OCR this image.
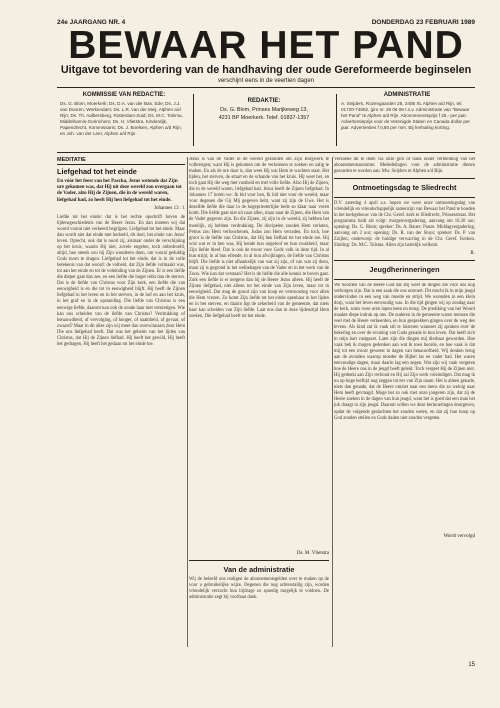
24e JAARGANG NR. 4	DONDERDAG 23 FEBRUARI 1989
BEWAAR HET PAND
Uitgave tot bevordering van de handhaving der oude Gereformeerde beginselen
verschijnt eens in de veertien dagen
KOMMISSIE VAN REDACTIE:
Ds. G. Blom, Moerkerk; Ds. D.A. van der Bas, Ede; Ds. J.J. van Dooren, Werkendam; Ds. L.R. van der Meij, Alphen a/d Rijn; Ds. Th. Aalbersberg, Rotterdam-Zuid; Ds. M.C. Tolsma, Middelharnis-Gorinchem; Ds. H. Vlietstra, Kinderdijk, Papendrecht, Kommissaris; Ds. J. Boelsen, Alphen a/d Rijn; en Joh. van der Leer, Alphen a/d Rijn.
REDAKTIE:

Ds. G. Blom, Prinses Marijkeweg 13,

4231 BP Moerkerk. Telef. 01837-1357

ADMINISTRATIE
A. Snijders, Rozengaarden 25, 2405 XL Alphen a/d Rijn, tel. 01720-74852, giro nr. 29 06 08 t.n.v. Administratie van "Bewaar het Pand" te Alphen a/d Rijn. Abonnementsprijs f 25,- per jaar. Advertentieprijs voor de Verenigde Staten en Canada dollar per jaar. Advertenties f 0,80 per mm. Bij herhaling korting.
MEDITATIE
Liefgehad tot het einde
En vóór het feest van het Pascha, Jezus wetende dat Zijn ure gekomen was, dat Hij uit deze wereld zou overgaan tot de Vader, alzo Hij de Zijnen, die in de wereld waren, liefgehad had, zo heeft Hij hen liefgehad tot het einde.
Johannes 13 : 1
Liefde tot het einde: dat is het rechte opschrift boven de lijdensgeschiedenis van de Heere Jezus. En dan moeten wij dat woord vooral niet verkeerd begrijpen. Liefgehad tot het einde. Maar dan wordt niet dat einde met bedoeld, dit doel, het einde van Jezus' leven. Oprecht, ook dat is nooit zij, alsmaar onder de verschijning op het kruis, waarin Hij niet, zovele engelen, toch onbedroefd, altijd, hoe steeds zou hij Zijn wonderen doen, om vooral geduldig Gods toorn te dragen. Liefgehad tot het einde, dat is in de volle betekenis van dat woord: de volheid, dat Zijn liefde volmaakt was, tot aan het einde en tot de voleinding van de Zijnen. Er is een liefde die dieper gaat dan zee, en een liefde die hoger reikt dan de sterren. Dat is de liefde van Christus voor Zijn kerk, een liefde die van eeuwigheid is en die tot in eeuwigheid blijft. Hij heeft de Zijnen liefgehad in het leven en in het sterven, in de hof en aan het kruis, in het graf en in de opstanding. Die liefde van Christus is een eeuwige liefde, daarom kan ook de zonde haar niet vernietigen. Wie kan ons scheiden van de liefde van Christus? Verdrukking of benauwdheid, of vervolging, of honger, of naaktheid, of gevaar, of zwaard? Maar in dit alles zijn wij meer dan overwinnaars door Hem Die ons liefgehad heeft. Dat was het geheim van het lijden van Christus, dat Hij de Zijnen liefhad. Hij heeft het gewild, Hij heeft het gedragen, Hij heeft het gedaan tot het einde toe.
Jezus is van de Vader in de wereld gezonden om Zijn Borgwerk te volbrengen; want Hij is gekomen om de verlorenen te zoeken en zalig te maken. En als de ure daar is, dan weet Hij wat Hem te wachten staat. Het lijden, het sterven, de smart en de schande van het kruis. Hij weet het, en toch gaat Hij die weg met vastheid en met volle liefde. Alzo Hij de Zijnen, die in de wereld waren, liefgehad had. Jezus heeft de Zijnen liefgehad. In Johannes 17 horen we: Ik bid voor hen, Ik bid niet voor de wereld, maar voor degenen die Gij Mij gegeven hebt, want zij zijn de Uwe. Het is dezelfde liefde die daar in de hogepriesterlijke bede zo klaar naar voren komt. Die liefde gaat niet uit naar allen, maar naar de Zijnen, die Hem van de Vader gegeven zijn. En die Zijnen, zij zijn in de wereld, zij hebben het moeilijk, zij hebben verdrukking. De discipelen zouden Hem verlaten, Petrus zou Hem verloochenen, Judas zou Hem verraden. En toch, hoe groot is de liefde van Christus, dat Hij hen liefhad tot het einde toe. Hij wist wat er in hen was, Hij kende hun ongeloof en hun zwakheid, maar Zijn liefde bleef. Dat is ook de troost voor Gods volk in deze tijd. In al hun strijd, in al hun ellende, in al hun afwijkingen, de liefde van Christus blijft. Die liefde is niet afhankelijk van wat zij zijn, of van wat zij doen, maar zij is gegrond in het welbehagen van de Vader en in het werk van de Zoon. Wie kan dat verstaan? Het is de liefde die alle kennis te boven gaat. Zulk een liefde is er nergens dan bij de Heere Jezus alleen. Hij heeft de Zijnen liefgehad, niet alleen tot het einde van Zijn leven, maar tot in eeuwigheid. Dat mag de grond zijn van hoop en vertroosting voor allen die Hem vrezen. Zo komt Zijn liefde tot het einde openbaar in het lijden en in het sterven, en daarin ligt de zekerheid van de gemeente, dat niets haar kan scheiden van Zijn liefde. Laat ons dan in deze lijdenstijd Hem zoeken, Die liefgehad heeft tot het einde.
Ds. M. Vlietstra
Van de administratie
Wij de beleefd ons nodigen de abonnementsgelden over te maken op de voor u gebruikelijke wijze. Degenen die nog achterstallig zijn, worden vriendelijk verzocht hun bijdrage zo spoedig mogelijk te voldoen. De administratie zegt bij voorbaat dank.
Verzoeke dit te doen via onze giro of bank onder vermelding van het abonnementsnummer. Mededelingen voor de administratie dienen gezonden te worden aan: Mw. Snijders te Alphen a/d Rijn.
Ontmoetingsdag te Sliedrecht
D.V. zaterdag 4 april a.s. hopen we weer onze ontmoetingsdag van vriendelijk en vriendschappelijk samenzijn van Bewaar het Pand te houden in het kerkgebouw van de Chr. Geref. kerk te Sliedrecht, Prinsesstraat. Het programma luidt als volgt: morgenvergadering, aanvang om 10.30 uur; opening: Ds. G. Blom; spreker: Ds. A. Bauer; Pauze. Middagvergadering, aanvang om 2 uur; opening: Ds. R. van der Sluys; spreker: Ds. P. van Zuijlen; onderwerp: de huidige verwarring in de Chr. Geref. Kerken. Sluiting: Ds. M.C. Tolsma. Allen zijn hartelijk welkom.
R.
Jeugdherinneringen
We hoorden van de Heere God dat Hij weet de dingen die voor ons nog verborgen zijn. Dat is een zaak die ons ontroert. Dit mocht ik in mijn jeugd ondervinden in een weg van moeite en strijd. We woonden in een klein dorp, waar het leven eenvoudig was. In die tijd gingen wij op zondag naar de kerk, soms twee uren lopen heen en terug. De prediking van het Woord maakte diepe indruk op ons. De ouderen in de gemeente waren mensen die veel met de Heere verkeerden, en hun gesprekken gingen over de weg des levens. Als kind zat ik vaak stil te luisteren wanneer zij spraken over de bekering en over de ervaring van Gods genade in hun leven. Dat heeft zich in mijn hart vastgezet. Later zijn die dingen mij dierbaar geworden. Hoe vaak heb ik mogen gedenken aan wat ik toen hoorde, en hoe vaak is dat mij tot een troost geweest in dagen van benauwdheid. Wij denken terug aan de avonden waarop moeder de Bijbel las en vader bad. Het waren eenvoudige dagen, maar daarin lag een zegen. Wat zijn wij vaak vergeten hoe de Heere ons in de jeugd heeft geleid. Toch vergeet Hij de Zijnen niet. Hij gedenkt aan Zijn verbond en Hij zal Zijn werk voleindigen. Dat mag ik nu op hoge leeftijd nog zeggen tot eer van Zijn naam. Het is alleen genade, niets dan genade, dat de Heere omziet naar een mens die zo weinig naar Hem heeft gevraagd. Moge het zo ook met onze jongeren zijn, dat zij de Heere zoeken in de dagen van hun jeugd, want het is goed dat een man het juk draagt in zijn jeugd. Daarom willen we deze herinneringen doorgeven, opdat de volgende geslachten het zouden weten, en dat zij hun hoop op God zouden stellen en Gods daden niet zouden vergeten.
Wordt vervolgd
15
